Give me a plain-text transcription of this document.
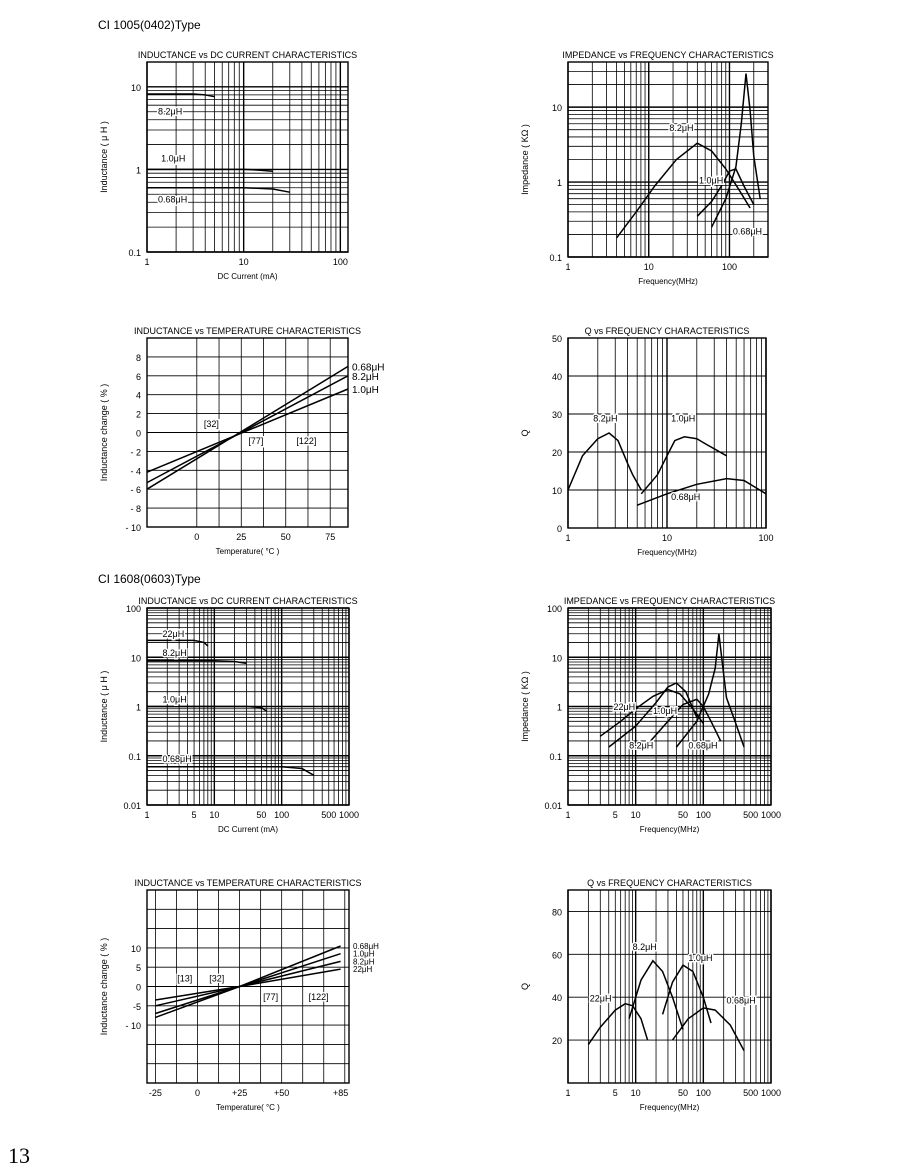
CI 1005(0402)Type
CI 1608(0603)Type
INDUCTANCE vs DC CURRENT CHARACTERISTICS
DC Current (mA)
Inductance ( μ H )
1	10	100
0.1
1
10
8.2μH
1.0μH
0.68μH
IMPEDANCE vs FREQUENCY CHARACTERISTICS
Frequency(MHz)
Impedance ( KΩ )
1	10	100
0.1
1
10
8.2μH
1.0μH
0.68μH
INDUCTANCE vs TEMPERATURE CHARACTERISTICS
Temperature( °C )
Inductance change ( % )
0	25	50	75
- 10
- 8
- 6
- 4
- 2
0
2
4
6
8
[32]
[77]	[122]
0.68μH
8.2μH
1.0μH
Q vs FREQUENCY CHARACTERISTICS
Frequency(MHz)
Q
1	10	100
0
10
20
30
40
50
8.2μH	1.0μH
0.68μH
INDUCTANCE vs DC CURRENT CHARACTERISTICS
DC Current (mA)
Inductance ( μ H )
1	5 10	50 100	500 1000
0.01
0.1
1
10
100
22μH
8.2μH
1.0μH
0.68μH
IMPEDANCE vs FREQUENCY CHARACTERISTICS
Frequency(MHz)
Impedance ( KΩ )
1	5 10	50 100	500 1000
0.01
0.1
1
10
100
22μH 1.0μH
8.2μH	0.68μH
INDUCTANCE vs TEMPERATURE CHARACTERISTICS
Temperature( °C )
Inductance change ( % )
-25	0	+25	+50	+85
- 10
-5
0
5
10
[13] [32]
[77]	[122]
0.68μH
1.0μH
8.2μH
22μH
Q vs FREQUENCY CHARACTERISTICS
Frequency(MHz)
Q
1	5 10	50 100	500 1000
20
40
60
80
22μH
8.2μH
1.0μH
0.68μH
13
